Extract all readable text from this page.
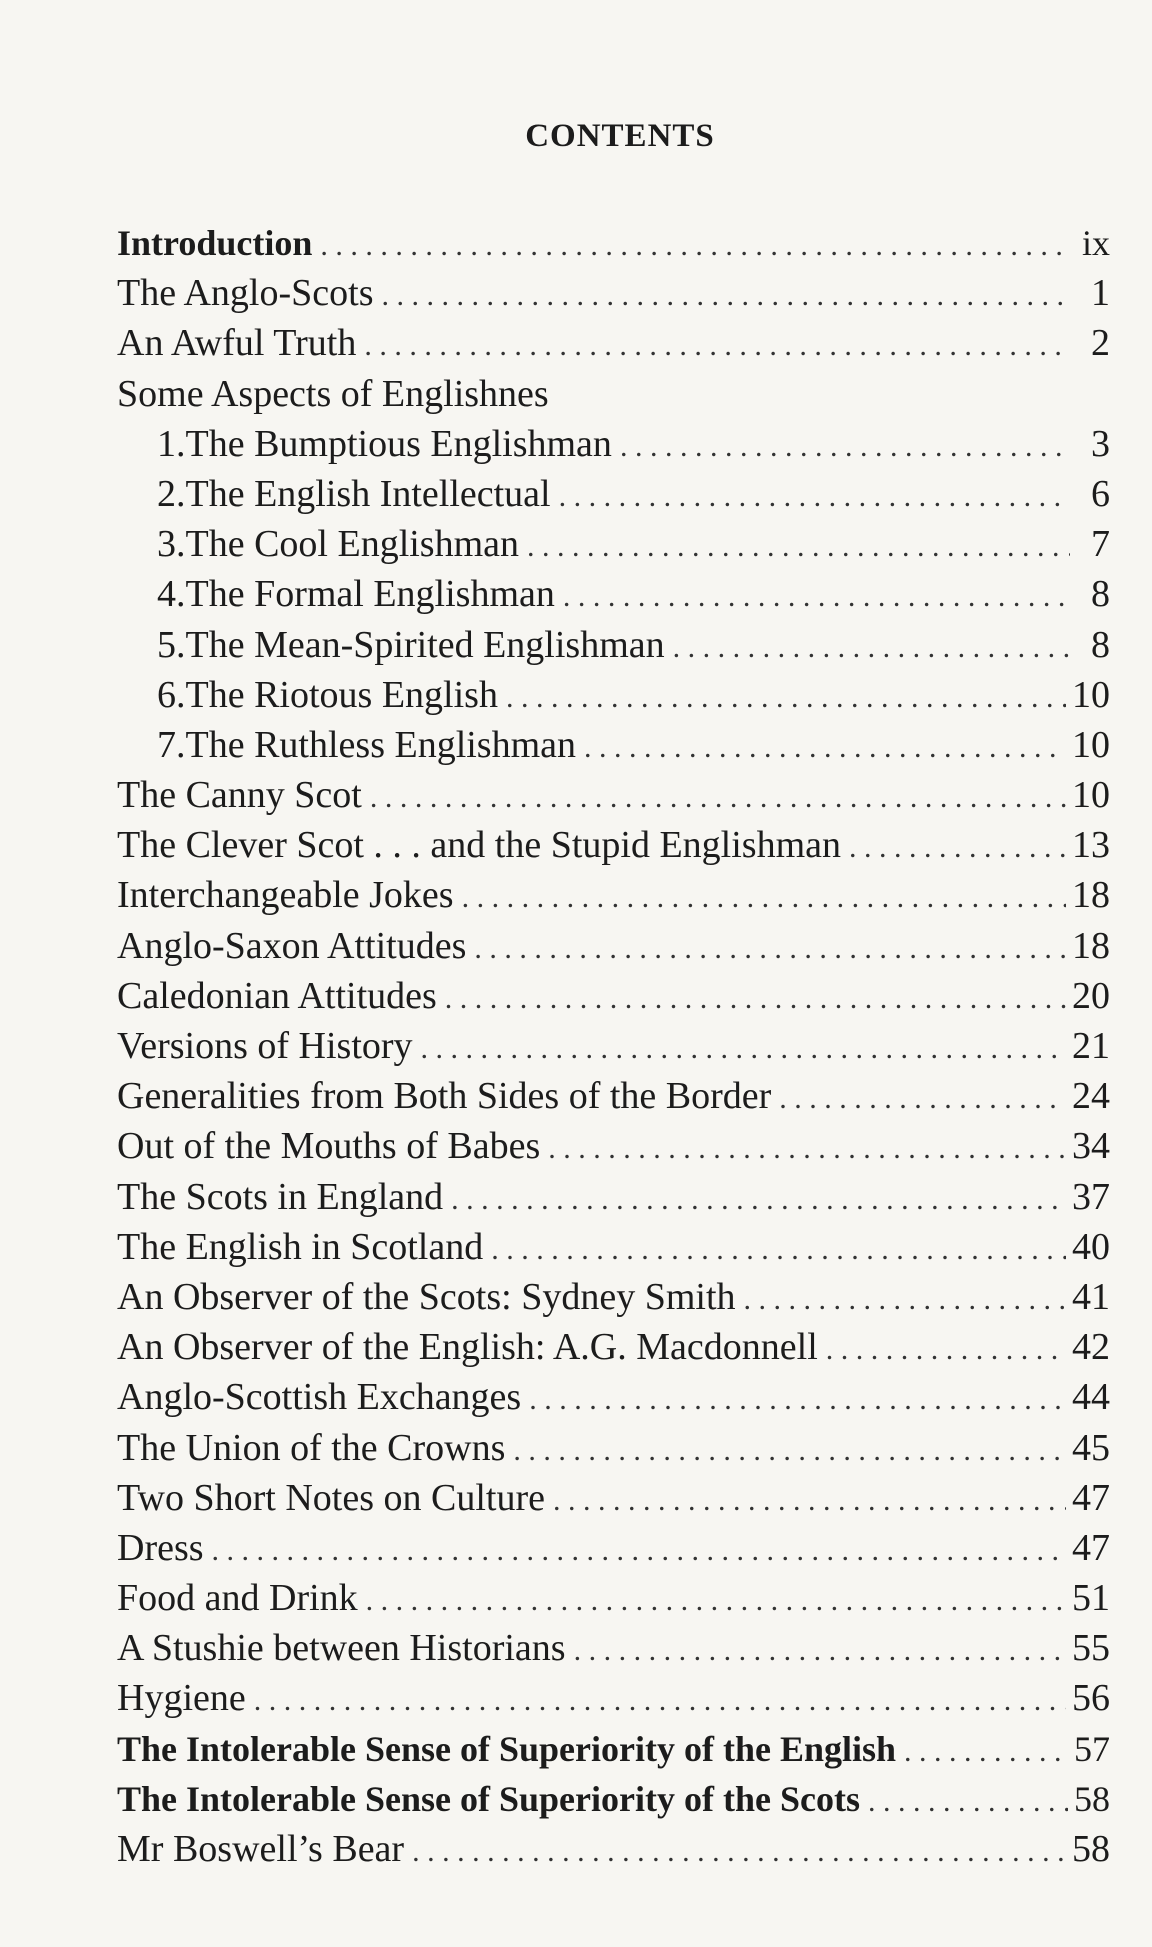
CONTENTS
Introduction . . .	ix
The Anglo-Scots . . .	1
An Awful Truth . . .	2
Some Aspects of Englishnes
1. The Bumptious Englishman . . .	3
2. The English Intellectual . . .	6
3. The Cool Englishman . . .	7
4. The Formal Englishman . . .	8
5. The Mean-Spirited Englishman . . .	8
6. The Riotous English . . .	10
7. The Ruthless Englishman . . .	10
The Canny Scot . . .	10
The Clever Scot . . . and the Stupid Englishman . . .	13
Interchangeable Jokes . . .	18
Anglo-Saxon Attitudes . . .	18
Caledonian Attitudes . . .	20
Versions of History . . .	21
Generalities from Both Sides of the Border . . .	24
Out of the Mouths of Babes . . .	34
The Scots in England . . .	37
The English in Scotland . . .	40
An Observer of the Scots: Sydney Smith . . .	41
An Observer of the English: A.G. Macdonnell . . .	42
Anglo-Scottish Exchanges . . .	44
The Union of the Crowns . . .	45
Two Short Notes on Culture . . .	47
Dress . . .	47
Food and Drink . . .	51
A Stushie between Historians . . .	55
Hygiene . . .	56
The Intolerable Sense of Superiority of the English . . .	57
The Intolerable Sense of Superiority of the Scots . . .	58
Mr Boswell’s Bear . . .	58
